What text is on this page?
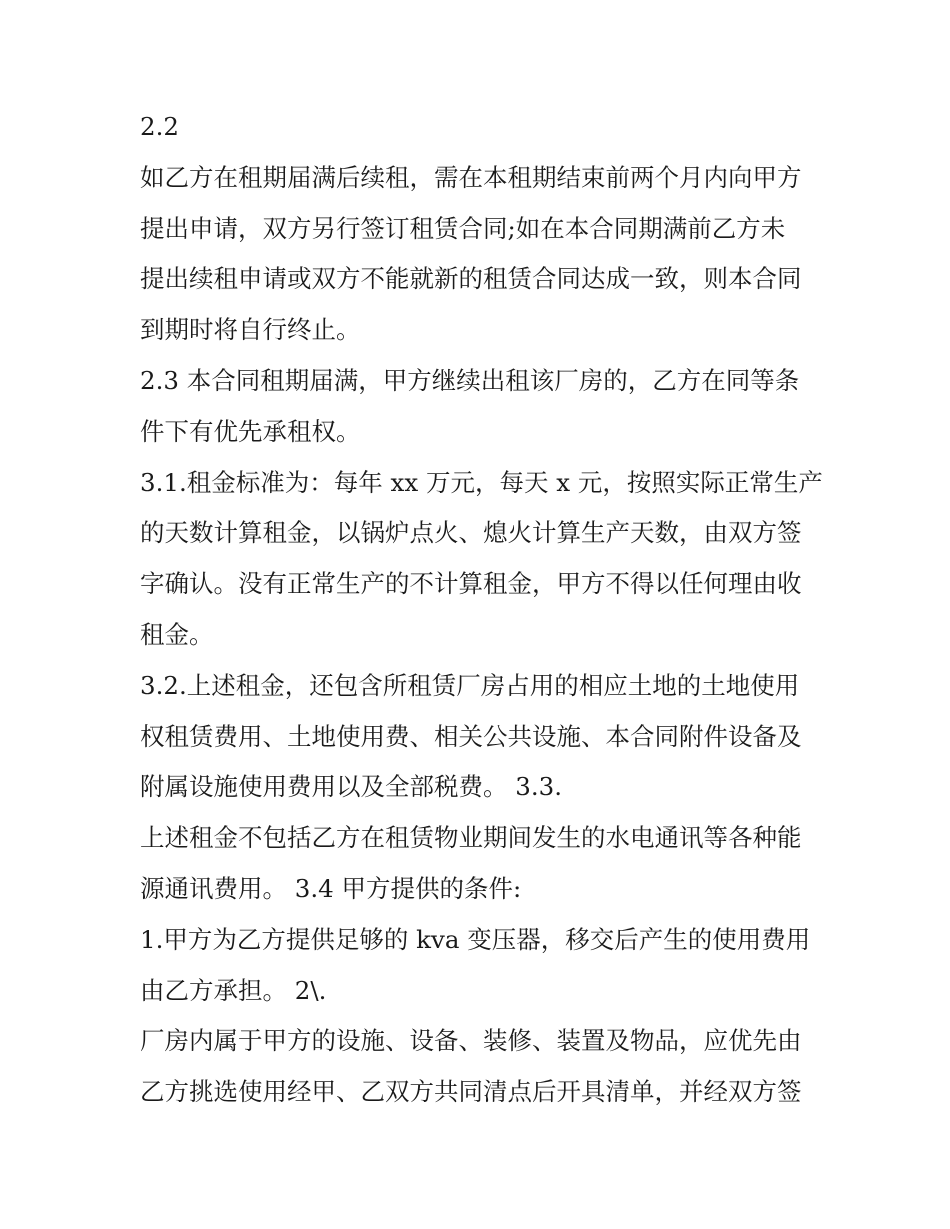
2.2
如乙方在租期届满后续租，需在本租期结束前两个月内向甲方
提出申请，双方另行签订租赁合同;如在本合同期满前乙方未
提出续租申请或双方不能就新的租赁合同达成一致，则本合同
到期时将自行终止。
2.3 本合同租期届满，甲方继续出租该厂房的，乙方在同等条
件下有优先承租权。
3.1.租金标准为：每年 xx 万元，每天 x 元，按照实际正常生产
的天数计算租金，以锅炉点火、熄火计算生产天数，由双方签
字确认。没有正常生产的不计算租金，甲方不得以任何理由收
租金。
3.2.上述租金，还包含所租赁厂房占用的相应土地的土地使用
权租赁费用、土地使用费、相关公共设施、本合同附件设备及
附属设施使用费用以及全部税费。 3.3.
上述租金不包括乙方在租赁物业期间发生的水电通讯等各种能
源通讯费用。 3.4 甲方提供的条件:
1.甲方为乙方提供足够的 kva 变压器，移交后产生的使用费用
由乙方承担。 2\.
厂房内属于甲方的设施、设备、装修、装置及物品，应优先由
乙方挑选使用经甲、乙双方共同清点后开具清单，并经双方签
